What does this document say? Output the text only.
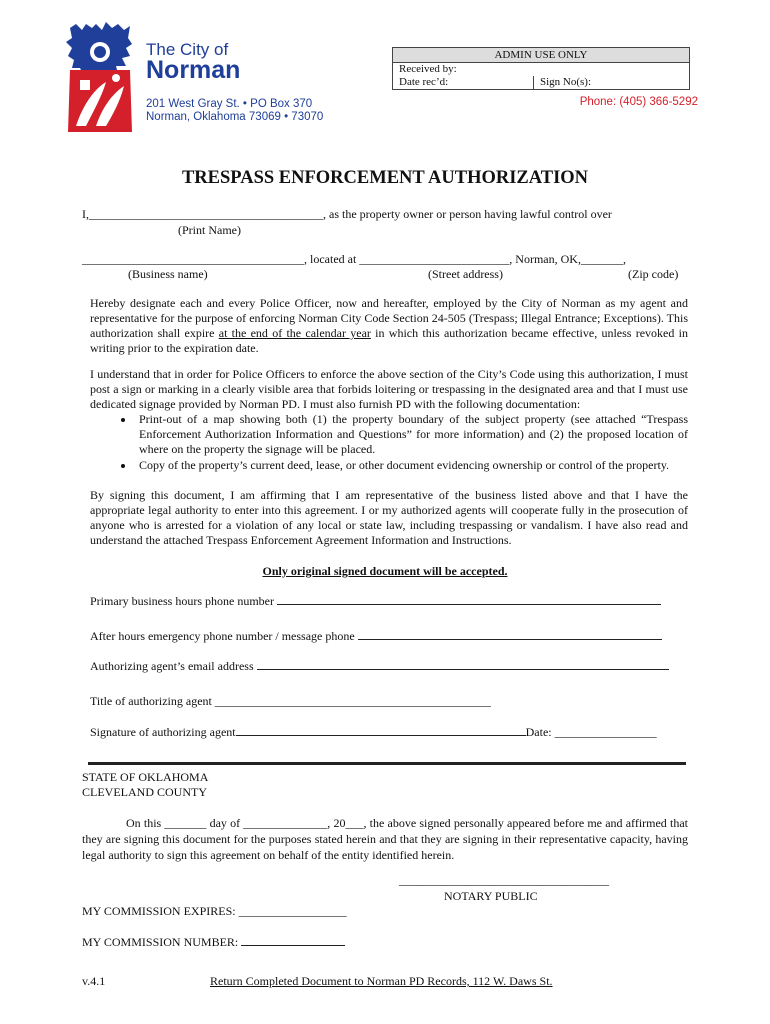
The City of
Norman
201 West Gray St. • PO Box 370
Norman, Oklahoma 73069 • 73070
ADMIN USE ONLY
Received by:
Date rec’d:	Sign No(s):
Phone: (405) 366-5292
TRESPASS ENFORCEMENT AUTHORIZATION
I,_______________________________________, as the property owner or person having lawful control over
(Print Name)
_____________________________________, located at _________________________, Norman, OK,_______,
(Business name)	(Street address)	(Zip code)
Hereby designate each and every Police Officer, now and hereafter, employed by the City of Norman as my agent and representative for the purpose of enforcing Norman City Code Section 24-505 (Trespass; Illegal Entrance; Exceptions). This authorization shall expire at the end of the calendar year in which this authorization became effective, unless revoked in writing prior to the expiration date.
I understand that in order for Police Officers to enforce the above section of the City’s Code using this authorization, I must post a sign or marking in a clearly visible area that forbids loitering or trespassing in the designated area and that I must use dedicated signage provided by Norman PD. I must also furnish PD with the following documentation:
• Print-out of a map showing both (1) the property boundary of the subject property (see attached “Trespass Enforcement Authorization Information and Questions” for more information) and (2) the proposed location of where on the property the signage will be placed.
• Copy of the property’s current deed, lease, or other document evidencing ownership or control of the property.
By signing this document, I am affirming that I am representative of the business listed above and that I have the appropriate legal authority to enter into this agreement. I or my authorized agents will cooperate fully in the prosecution of anyone who is arrested for a violation of any local or state law, including trespassing or vandalism. I have also read and understand the attached Trespass Enforcement Agreement Information and Instructions.
Only original signed document will be accepted.
Primary business hours phone number
After hours emergency phone number / message phone
Authorizing agent’s email address
Title of authorizing agent ______________________________________________
Signature of authorizing agent	Date: _________________
STATE OF OKLAHOMA
CLEVELAND COUNTY
On this _______ day of ______________, 20___, the above signed personally appeared before me and affirmed that they are signing this document for the purposes stated herein and that they are signing in their representative capacity, having legal authority to sign this agreement on behalf of the entity identified herein.
___________________________________
NOTARY PUBLIC
MY COMMISSION EXPIRES: __________________
MY COMMISSION NUMBER:
v.4.1	Return Completed Document to Norman PD Records, 112 W. Daws St.
